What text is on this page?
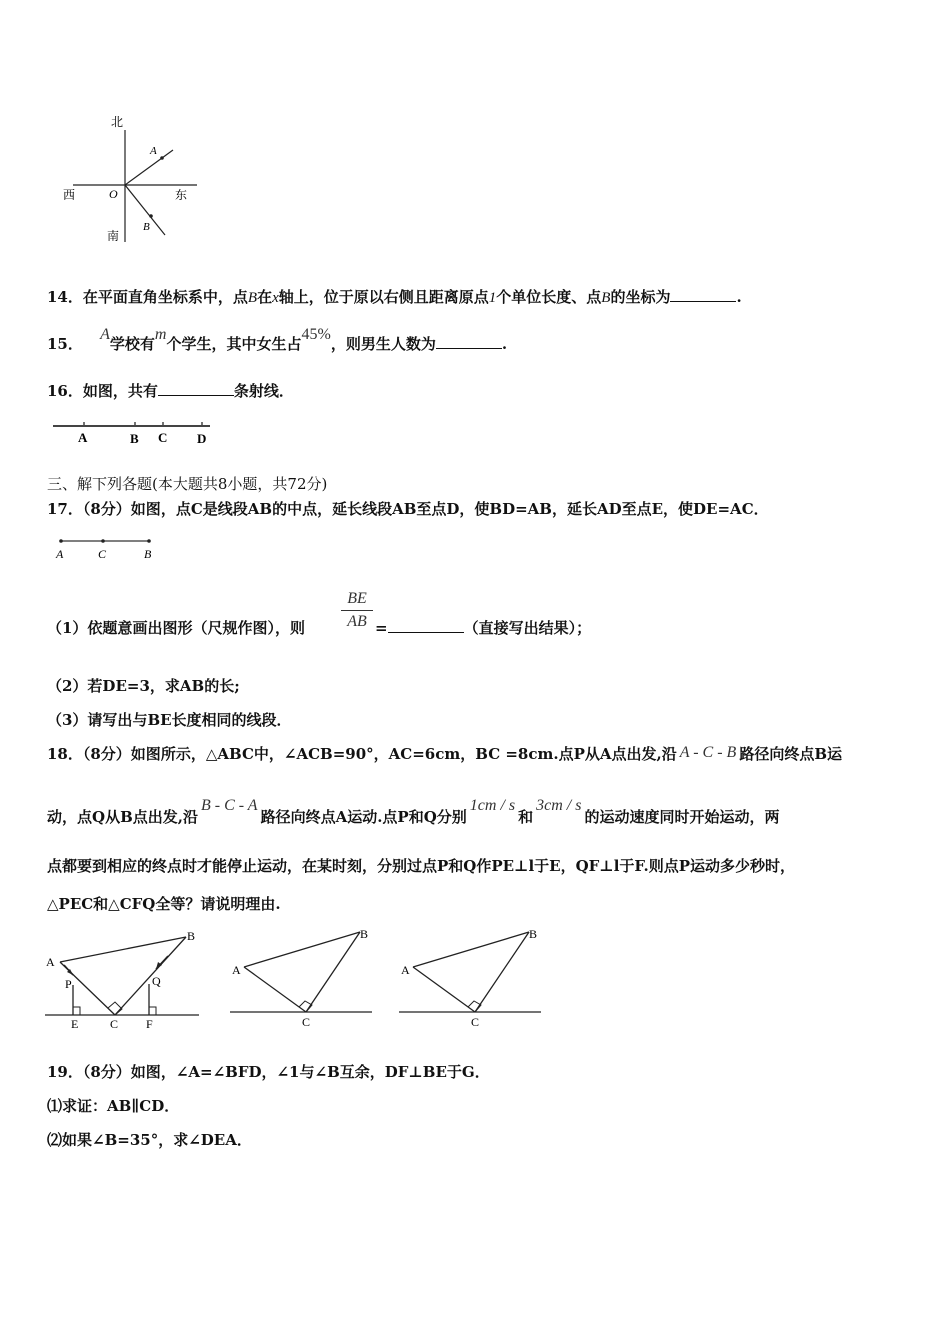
北
南
东
西	O
A
B
14．在平面直角坐标系中，点B在x轴上，位于原以右侧且距离原点1个单位长度、点B的坐标为	.
15． A学校有m个学生，其中女生占45%，则男生人数为	.
16．如图，共有	条射线．
A	B C D
三、解下列各题(本大题共8小题，共72分)
17．（8分）如图，点C是线段AB的中点，延长线段AB至点D，使BD=AB，延长AD至点E，使DE=AC．
A	C	B
（1）依题意画出图形（尺规作图），则 $\frac{BE}{AB}$ =	（直接写出结果）；
（2）若DE=3，求AB的长;
（3）请写出与BE长度相同的线段．
18．（8分）如图所示，△ABC中，∠ACB=90°，AC=6cm，BC =8cm.点P从A点出发,沿 A - C - B 路径向终点B运
动，点Q从B点出发,沿B - C - A路径向终点A运动.点P和Q分别1cm / s和3cm / s的运动速度同时开始运动，两
点都要到相应的终点时才能停止运动，在某时刻，分别过点P和Q作PE⊥l于E，QF⊥l于F.则点P运动多少秒时，
△PEC和△CFQ全等？请说明理由.
A
B
P	Q
E	C F
A
B
C
A
B
C
19．（8分）如图，∠A=∠BFD，∠1与∠B互余，DF⊥BE于G．
⑴求证：AB∥CD．
⑵如果∠B=35°，求∠DEA．
